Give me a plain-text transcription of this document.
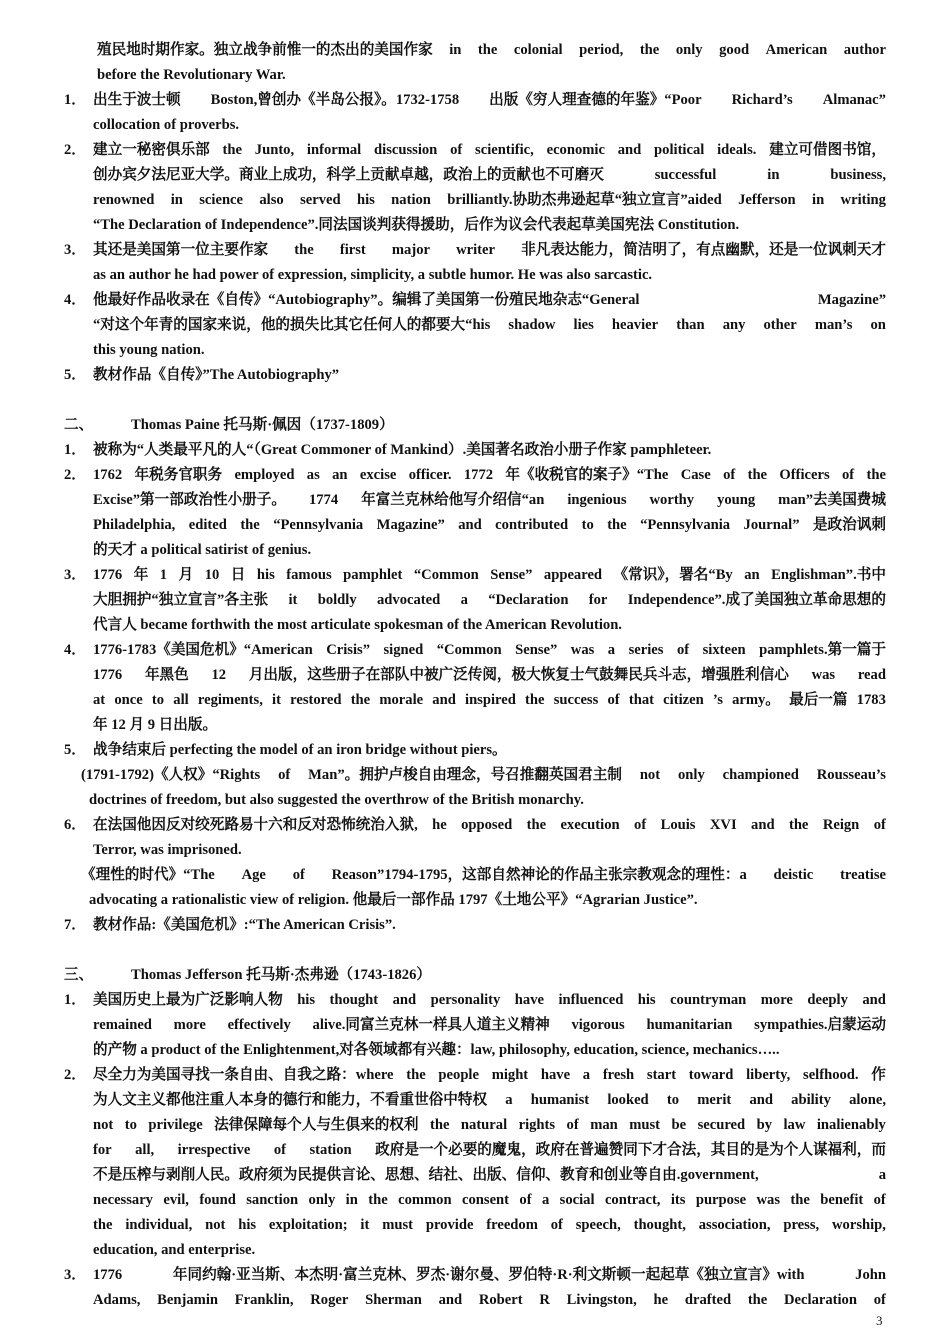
殖民地时期作家。独立战争前惟一的杰出的美国作家 in the colonial period, the only good American author
before the Revolutionary War.
1． 出生于波士顿 Boston,曾创办《半岛公报》。1732-1758 出版《穷人理查德的年鉴》“Poor Richard’s Almanac”
collocation of proverbs.
2． 建立一秘密俱乐部 the Junto, informal discussion of scientific, economic and political ideals. 建立可借图书馆，
创办宾夕法尼亚大学。商业上成功，科学上贡献卓越，政治上的贡献也不可磨灭	successful	in	business,
renowned in science also served his nation brilliantly.协助杰弗逊起草“独立宣言”aided Jefferson in writing
“The Declaration of Independence”.同法国谈判获得援助，后作为议会代表起草美国宪法 Constitution.
3． 其还是美国第一位主要作家 the first major writer 非凡表达能力，简洁明了，有点幽默，还是一位讽刺天才
as an author he had power of expression, simplicity, a subtle humor. He was also sarcastic.
4． 他最好作品收录在《自传》“Autobiography”。编辑了美国第一份殖民地杂志“General	Magazine”
“对这个年青的国家来说，他的损失比其它任何人的都要大“his shadow lies heavier than any other man’s on
this young nation.
5． 教材作品《自传》”The Autobiography”
二、	Thomas Paine 托马斯·佩因（1737-1809）
1． 被称为“人类最平凡的人“（Great Commoner of Mankind）.美国著名政治小册子作家 pamphleteer.
2． 1762 年税务官职务 employed as an excise officer. 1772 年《收税官的案子》“The Case of the Officers of the
Excise”第一部政治性小册子。 1774 年富兰克林给他写介绍信“an ingenious worthy young man”去美国费城
Philadelphia, edited the “Pennsylvania Magazine” and contributed to the “Pennsylvania Journal” 是政治讽刺
的天才 a political satirist of genius.
3． 1776 年 1 月 10 日 his famous pamphlet “Common Sense” appeared 《常识》，署名“By an Englishman”.书中
大胆拥护“独立宣言”各主张 it boldly advocated a “Declaration for Independence”.成了美国独立革命思想的
代言人 became forthwith the most articulate spokesman of the American Revolution.
4． 1776-1783《美国危机》“American Crisis” signed “Common Sense” was a series of sixteen pamphlets.第一篇于
1776 年黑色 12 月出版，这些册子在部队中被广泛传阅，极大恢复士气鼓舞民兵斗志，增强胜利信心 was read
at once to all regiments, it restored the morale and inspired the success of that citizen ’s army。 最后一篇 1783
年 12 月 9 日出版。
5． 战争结束后 perfecting the model of an iron bridge without piers。
(1791-1792)《人权》“Rights of Man”。拥护卢梭自由理念，号召推翻英国君主制 not only championed Rousseau’s
doctrines of freedom, but also suggested the overthrow of the British monarchy.
6． 在法国他因反对绞死路易十六和反对恐怖统治入狱, he opposed the execution of Louis XVI and the Reign of
Terror, was imprisoned.
《理性的时代》“The Age of Reason”1794-1795，这部自然神论的作品主张宗教观念的理性：a deistic treatise
advocating a rationalistic view of religion. 他最后一部作品 1797《土地公平》“Agrarian Justice”.
7． 教材作品:《美国危机》:“The American Crisis”.
三、	Thomas Jefferson 托马斯·杰弗逊（1743-1826）
1． 美国历史上最为广泛影响人物 his thought and personality have influenced his countryman more deeply and
remained more effectively alive.同富兰克林一样具人道主义精神 vigorous humanitarian sympathies.启蒙运动
的产物 a product of the Enlightenment,对各领域都有兴趣：law, philosophy, education, science, mechanics…..
2． 尽全力为美国寻找一条自由、自我之路：where the people might have a fresh start toward liberty, selfhood. 作
为人文主义都他注重人本身的德行和能力，不看重世俗中特权 a humanist looked to merit and ability alone,
not to privilege 法律保障每个人与生俱来的权利 the natural rights of man must be secured by law inalienably
for all, irrespective of station 政府是一个必要的魔鬼，政府在普遍赞同下才合法，其目的是为个人谋福利，而
不是压榨与剥削人民。政府须为民提供言论、思想、结社、出版、信仰、教育和创业等自由.government,	a
necessary evil, found sanction only in the common consent of a social contract, its purpose was the benefit of
the individual, not his exploitation; it must provide freedom of speech, thought, association, press, worship,
education, and enterprise.
3． 1776	年同约翰·亚当斯、本杰明·富兰克林、罗杰·谢尔曼、罗伯特·R·利文斯顿一起起草《独立宣言》with	John
Adams, Benjamin Franklin, Roger Sherman and Robert R Livingston, he drafted the Declaration of
3
